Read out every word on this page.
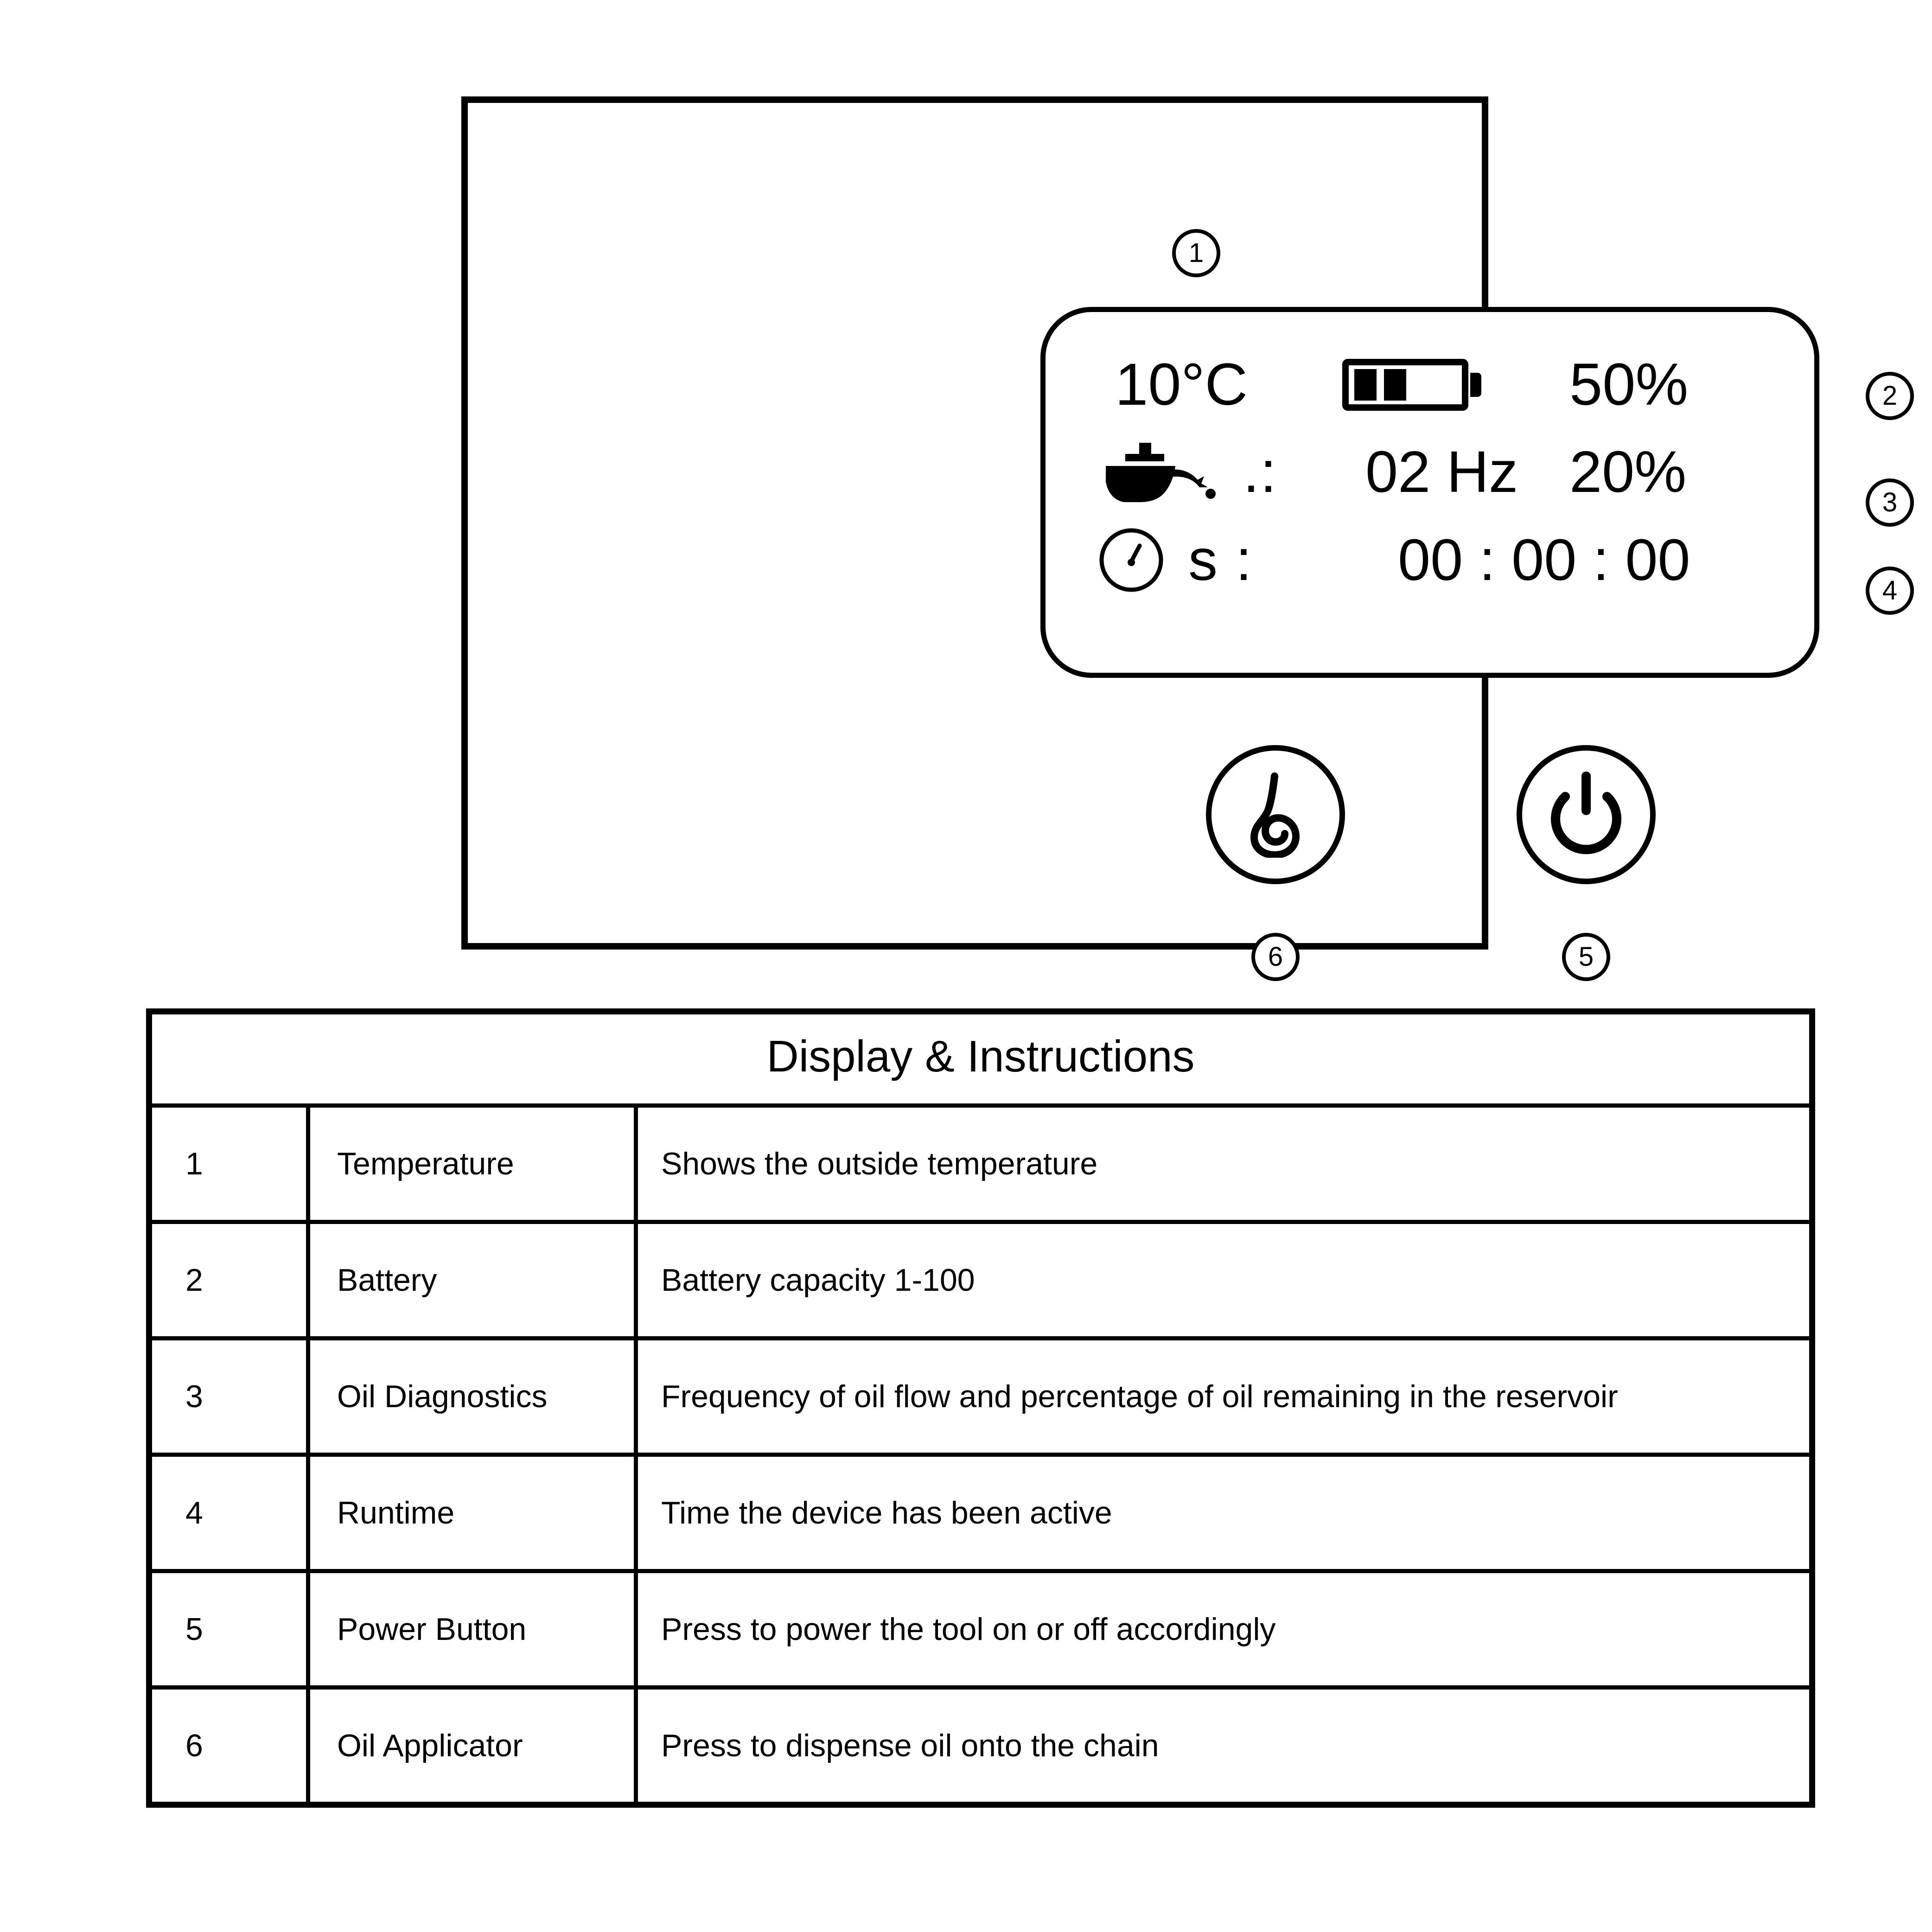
1
2
3
4
6	5
10°C	50%
.: 02 Hz 20%
s : 00 : 00 : 00
Display & Instructions
1	Temperature	Shows the outside temperature
2	Battery	Battery capacity 1-100
3	Oil Diagnostics	Frequency of oil flow and percentage of oil remaining in the reservoir
4	Runtime	Time the device has been active
5	Power Button	Press to power the tool on or off accordingly
6	Oil Applicator	Press to dispense oil onto the chain
